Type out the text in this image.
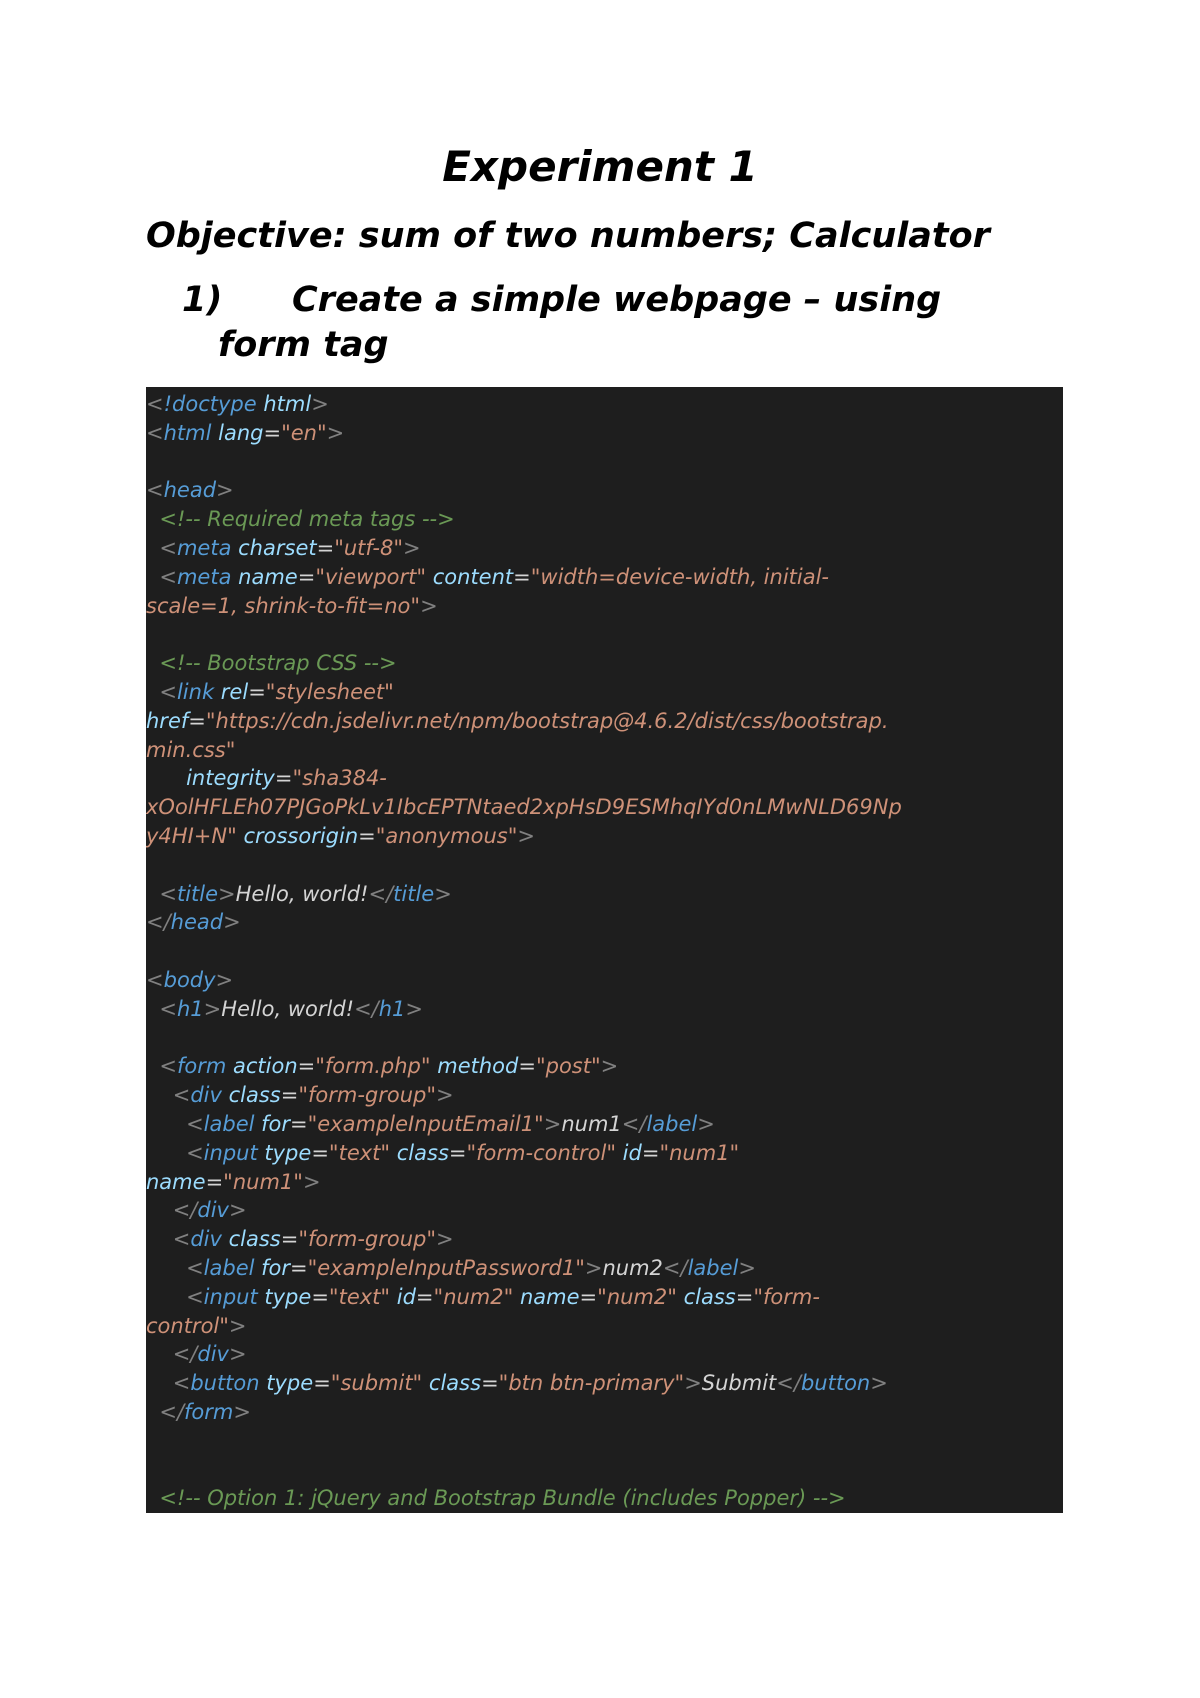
Experiment 1
Objective: sum of two numbers; Calculator
1) Create a simple webpage – using
form tag
<!doctype html>
<html lang="en">

<head>
<!-- Required meta tags -->
<meta charset="utf-8">
<meta name="viewport" content="width=device-width, initial-
scale=1, shrink-to-fit=no">

<!-- Bootstrap CSS -->
<link rel="stylesheet"
href="https://cdn.jsdelivr.net/npm/bootstrap@4.6.2/dist/css/bootstrap.
min.css"
integrity="sha384-
xOolHFLEh07PJGoPkLv1IbcEPTNtaed2xpHsD9ESMhqIYd0nLMwNLD69Np
y4HI+N" crossorigin="anonymous">

<title>Hello, world!</title>
</head>

<body>
<h1>Hello, world!</h1>

<form action="form.php" method="post">
<div class="form-group">
<label for="exampleInputEmail1">num1</label>
<input type="text" class="form-control" id="num1"
name="num1">
</div>
<div class="form-group">
<label for="exampleInputPassword1">num2</label>
<input type="text" id="num2" name="num2" class="form-
control">
</div>
<button type="submit" class="btn btn-primary">Submit</button>
</form>

<!-- Option 1: jQuery and Bootstrap Bundle (includes Popper) -->
